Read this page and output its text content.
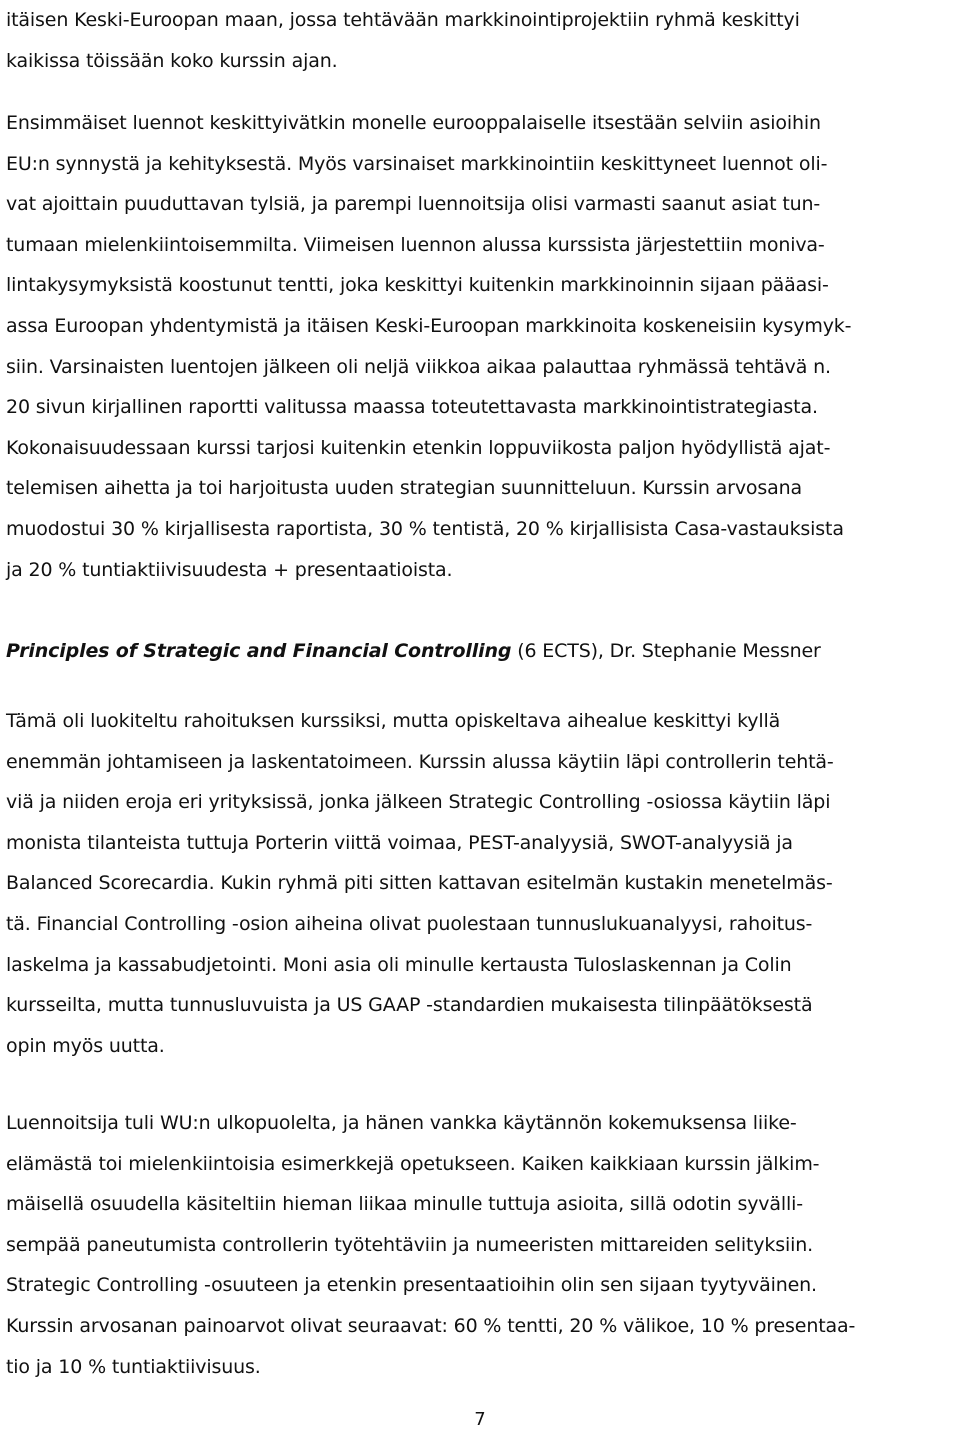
itäisen Keski-Euroopan maan, jossa tehtävään markkinointiprojektiin ryhmä keskittyi
kaikissa töissään koko kurssin ajan.
Ensimmäiset luennot keskittyivätkin monelle eurooppalaiselle itsestään selviin asioihin
EU:n synnystä ja kehityksestä. Myös varsinaiset markkinointiin keskittyneet luennot oli-
vat ajoittain puuduttavan tylsiä, ja parempi luennoitsija olisi varmasti saanut asiat tun-
tumaan mielenkiintoisemmilta. Viimeisen luennon alussa kurssista järjestettiin moniva-
lintakysymyksistä koostunut tentti, joka keskittyi kuitenkin markkinoinnin sijaan pääasi-
assa Euroopan yhdentymistä ja itäisen Keski-Euroopan markkinoita koskeneisiin kysymyk-
siin. Varsinaisten luentojen jälkeen oli neljä viikkoa aikaa palauttaa ryhmässä tehtävä n.
20 sivun kirjallinen raportti valitussa maassa toteutettavasta markkinointistrategiasta.
Kokonaisuudessaan kurssi tarjosi kuitenkin etenkin loppuviikosta paljon hyödyllistä ajat-
telemisen aihetta ja toi harjoitusta uuden strategian suunnitteluun. Kurssin arvosana
muodostui 30 % kirjallisesta raportista, 30 % tentistä, 20 % kirjallisista Casa-vastauksista
ja 20 % tuntiaktiivisuudesta + presentaatioista.
Principles of Strategic and Financial Controlling (6 ECTS), Dr. Stephanie Messner
Tämä oli luokiteltu rahoituksen kurssiksi, mutta opiskeltava aihealue keskittyi kyllä
enemmän johtamiseen ja laskentatoimeen. Kurssin alussa käytiin läpi controllerin tehtä-
viä ja niiden eroja eri yrityksissä, jonka jälkeen Strategic Controlling -osiossa käytiin läpi
monista tilanteista tuttuja Porterin viittä voimaa, PEST-analyysiä, SWOT-analyysiä ja
Balanced Scorecardia. Kukin ryhmä piti sitten kattavan esitelmän kustakin menetelmäs-
tä. Financial Controlling -osion aiheina olivat puolestaan tunnuslukuanalyysi, rahoitus-
laskelma ja kassabudjetointi. Moni asia oli minulle kertausta Tuloslaskennan ja Colin
kursseilta, mutta tunnusluvuista ja US GAAP -standardien mukaisesta tilinpäätöksestä
opin myös uutta.
Luennoitsija tuli WU:n ulkopuolelta, ja hänen vankka käytännön kokemuksensa liike-
elämästä toi mielenkiintoisia esimerkkejä opetukseen. Kaiken kaikkiaan kurssin jälkim-
mäisellä osuudella käsiteltiin hieman liikaa minulle tuttuja asioita, sillä odotin syvälli-
sempää paneutumista controllerin työtehtäviin ja numeeristen mittareiden selityksiin.
Strategic Controlling -osuuteen ja etenkin presentaatioihin olin sen sijaan tyytyväinen.
Kurssin arvosanan painoarvot olivat seuraavat: 60 % tentti, 20 % välikoe, 10 % presentaa-
tio ja 10 % tuntiaktiivisuus.
7
